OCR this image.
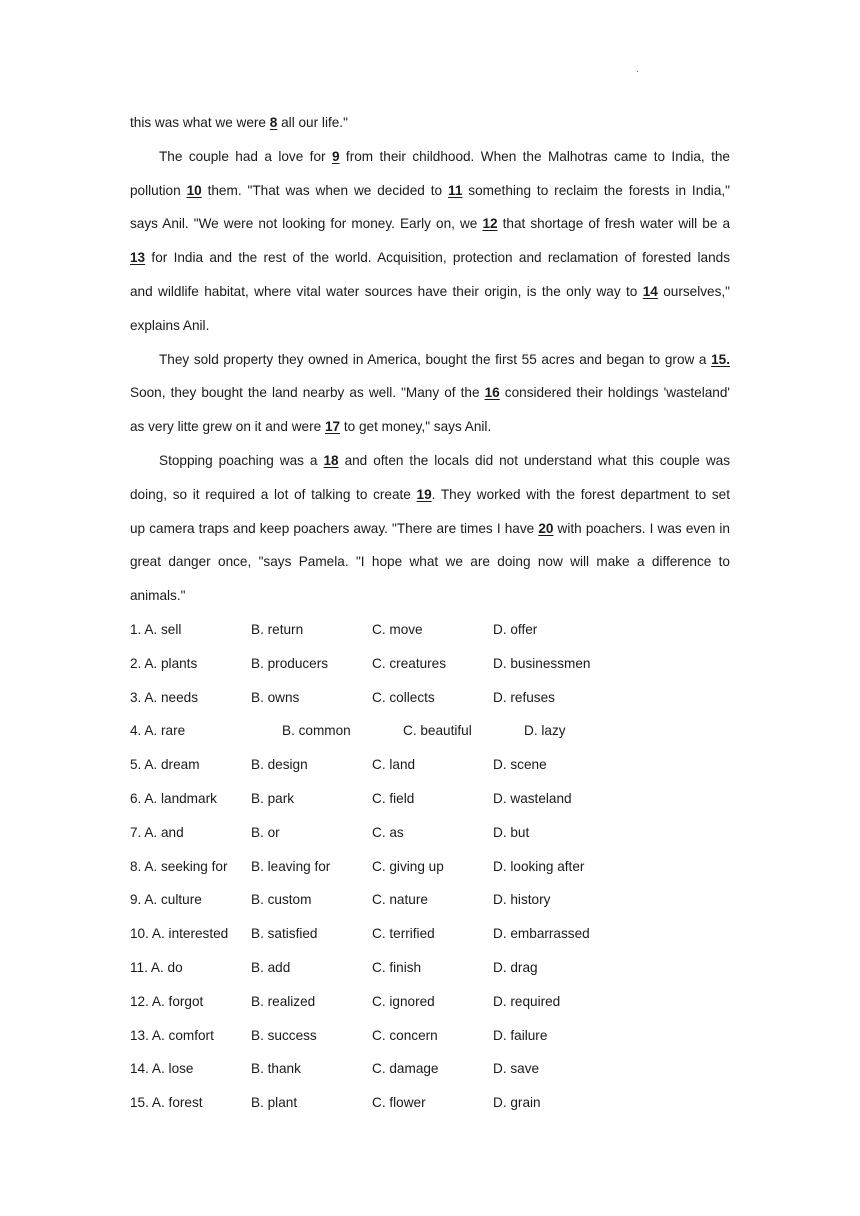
.
this was what we were 8 all our life."
The couple had a love for 9 from their childhood. When the Malhotras came to India, the
pollution 10 them. "That was when we decided to 11 something to reclaim the forests in India,"
says Anil. "We were not looking for money. Early on, we 12 that shortage of fresh water will be a
13 for India and the rest of the world. Acquisition, protection and reclamation of forested lands
and wildlife habitat, where vital water sources have their origin, is the only way to 14 ourselves,"
explains Anil.
They sold property they owned in America, bought the first 55 acres and began to grow a 15.
Soon, they bought the land nearby as well. "Many of the 16 considered their holdings 'wasteland'
as very litte grew on it and were 17 to get money," says Anil.
Stopping poaching was a 18 and often the locals did not understand what this couple was
doing, so it required a lot of talking to create 19. They worked with the forest department to set
up camera traps and keep poachers away. "There are times I have 20 with poachers. I was even in
great danger once, "says Pamela. "I hope what we are doing now will make a difference to
animals."
1. A. sell	B. return	C. move	D. offer
2. A. plants	B. producers	C. creatures	D. businessmen
3. A. needs	B. owns	C. collects	D. refuses
4. A. rare	B. common	C. beautiful	D. lazy
5. A. dream	B. design	C. land	D. scene
6. A. landmark	B. park	C. field	D. wasteland
7. A. and	B. or	C. as	D. but
8. A. seeking for	B. leaving for	C. giving up	D. looking after
9. A. culture	B. custom	C. nature	D. history
10. A. interested	B. satisfied	C. terrified	D. embarrassed
11. A. do	B. add	C. finish	D. drag
12. A. forgot	B. realized	C. ignored	D. required
13. A. comfort	B. success	C. concern	D. failure
14. A. lose	B. thank	C. damage	D. save
15. A. forest	B. plant	C. flower	D. grain
